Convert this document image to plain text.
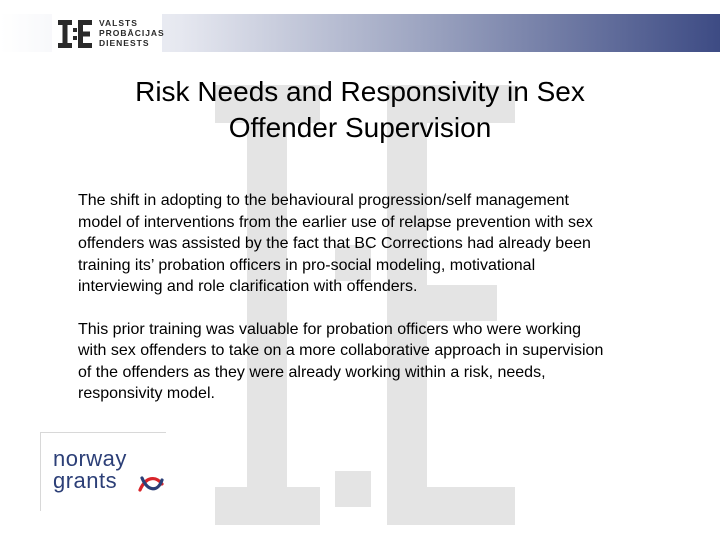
VALSTS
PROBĀCIJAS
DIENESTS
Risk Needs and Responsivity in Sex
Offender Supervision
The shift in adopting to the behavioural progression/self management
model of interventions from the earlier use of relapse prevention with sex
offenders was assisted by the fact that BC Corrections had already been
training its’ probation officers in pro-social modeling, motivational
interviewing and role clarification with offenders.
This prior training was valuable for probation officers who were working
with sex offenders to take on a more collaborative approach in supervision
of the offenders as they were already working within a risk, needs,
responsivity model.
norway
grants
